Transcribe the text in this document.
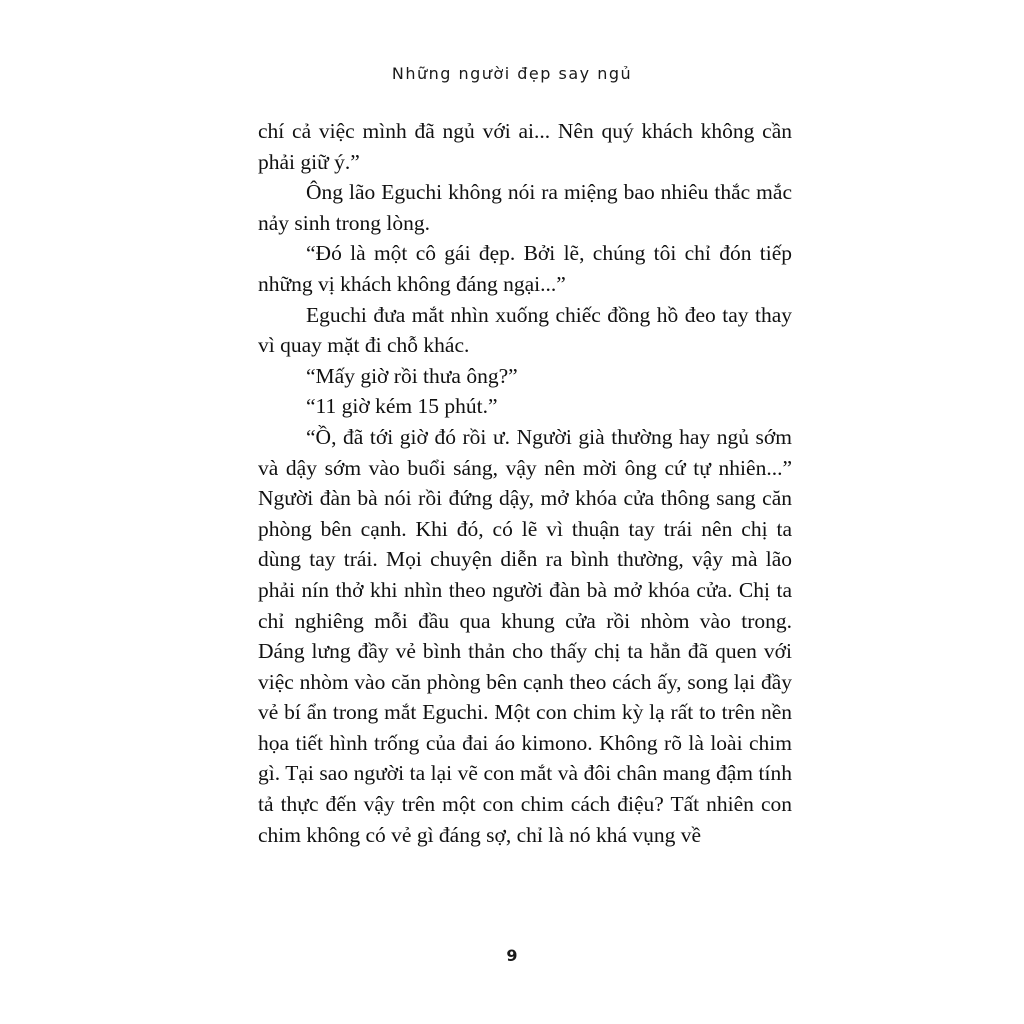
Những người đẹp say ngủ

chí cả việc mình đã ngủ với ai... Nên quý khách không cần phải giữ ý.”

Ông lão Eguchi không nói ra miệng bao nhiêu thắc mắc nảy sinh trong lòng.

“Đó là một cô gái đẹp. Bởi lẽ, chúng tôi chỉ đón tiếp những vị khách không đáng ngại...”

Eguchi đưa mắt nhìn xuống chiếc đồng hồ đeo tay thay vì quay mặt đi chỗ khác.

“Mấy giờ rồi thưa ông?”

“11 giờ kém 15 phút.”

“Ồ, đã tới giờ đó rồi ư. Người già thường hay ngủ sớm và dậy sớm vào buổi sáng, vậy nên mời ông cứ tự nhiên...” Người đàn bà nói rồi đứng dậy, mở khóa cửa thông sang căn phòng bên cạnh. Khi đó, có lẽ vì thuận tay trái nên chị ta dùng tay trái. Mọi chuyện diễn ra bình thường, vậy mà lão phải nín thở khi nhìn theo người đàn bà mở khóa cửa. Chị ta chỉ nghiêng mỗi đầu qua khung cửa rồi nhòm vào trong. Dáng lưng đầy vẻ bình thản cho thấy chị ta hẳn đã quen với việc nhòm vào căn phòng bên cạnh theo cách ấy, song lại đầy vẻ bí ẩn trong mắt Eguchi. Một con chim kỳ lạ rất to trên nền họa tiết hình trống của đai áo kimono. Không rõ là loài chim gì. Tại sao người ta lại vẽ con mắt và đôi chân mang đậm tính tả thực đến vậy trên một con chim cách điệu? Tất nhiên con chim không có vẻ gì đáng sợ, chỉ là nó khá vụng về

9
